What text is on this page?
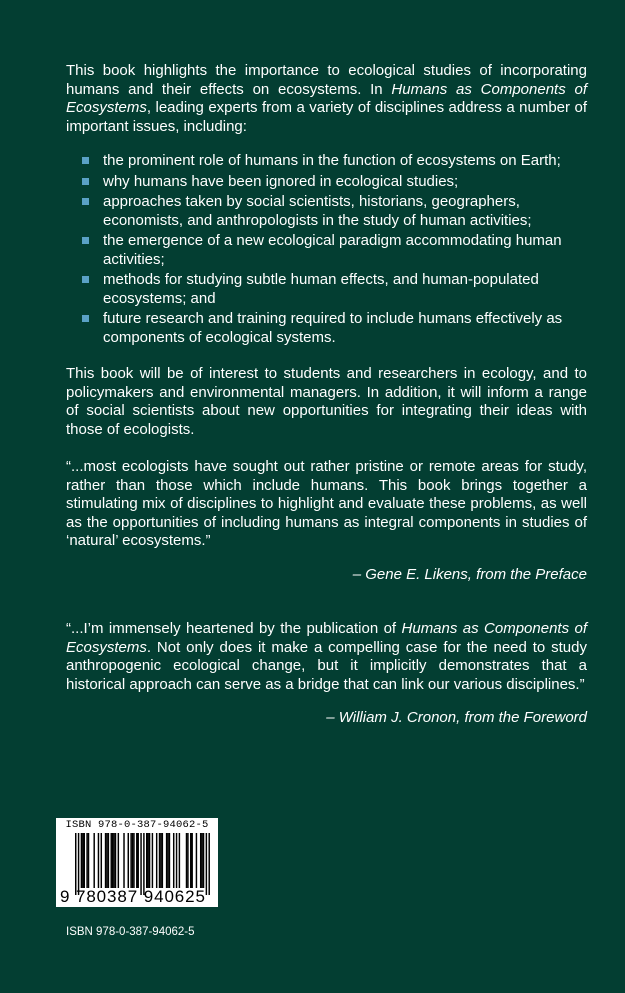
This book highlights the importance to ecological studies of incorporating humans and their effects on ecosystems. In Humans as Components of Ecosystems, leading experts from a variety of disciplines address a number of important issues, including:

the prominent role of humans in the function of ecosystems on Earth;
why humans have been ignored in ecological studies;
approaches taken by social scientists, historians, geographers, economists, and anthropologists in the study of human activities;
the emergence of a new ecological paradigm accommodating human activities;
methods for studying subtle human effects, and human-populated ecosystems; and
future research and training required to include humans effectively as components of ecological systems.

This book will be of interest to students and researchers in ecology, and to policymakers and environmental managers. In addition, it will inform a range of social scientists about new opportunities for integrating their ideas with those of ecologists.

“...most ecologists have sought out rather pristine or remote areas for study, rather than those which include humans. This book brings together a stimulating mix of disciplines to highlight and evaluate these problems, as well as the opportunities of including humans as integral components in studies of ‘natural’ ecosystems.”

– Gene E. Likens, from the Preface

“...I’m immensely heartened by the publication of Humans as Components of Ecosystems. Not only does it make a compelling case for the need to study anthropogenic ecological change, but it implicitly demonstrates that a historical approach can serve as a bridge that can link our various disciplines.”

– William J. Cronon, from the Foreword

ISBN 978-0-387-94062-5
9 780387 940625
ISBN 978-0-387-94062-5
